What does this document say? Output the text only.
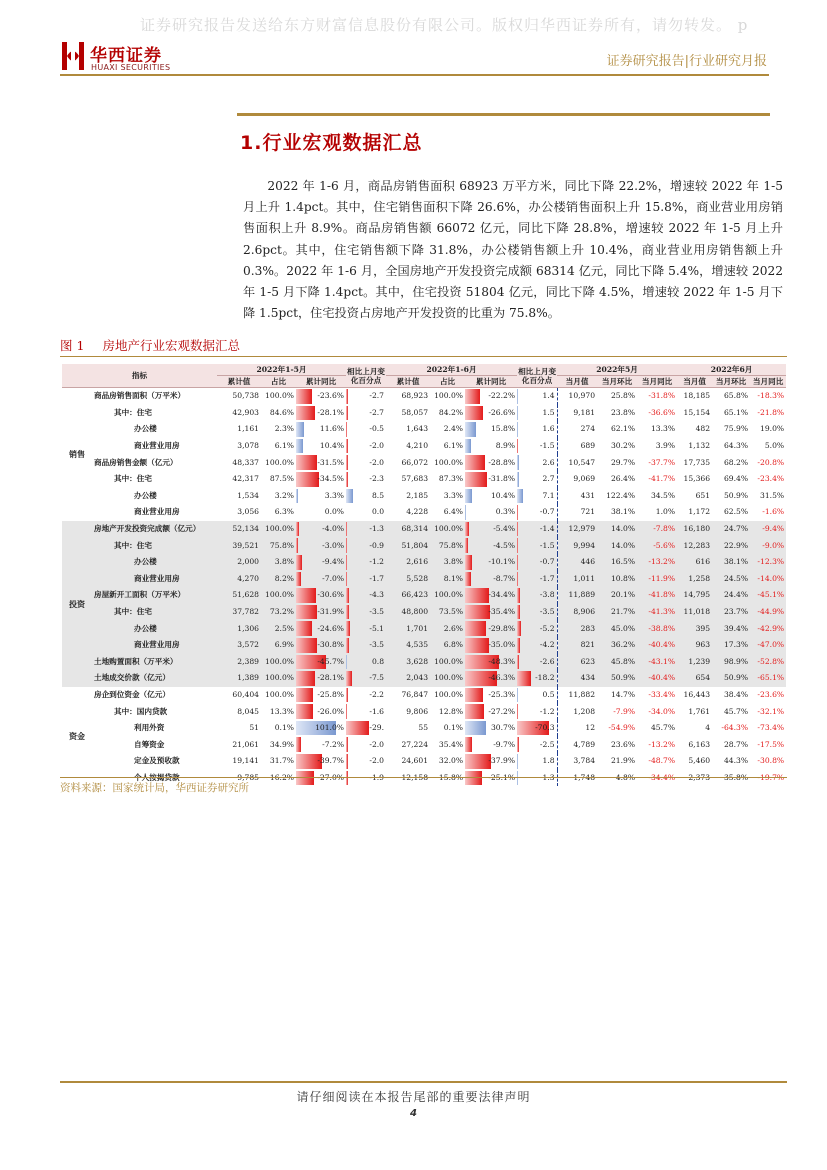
证券研究报告发送给东方财富信息股份有限公司。版权归华西证券所有，请勿转发。 p
华西证券
HUAXI SECURITIES	证券研究报告|行业研究月报
1.行业宏观数据汇总
2022 年 1-6 月，商品房销售面积 68923 万平方米，同比下降 22.2%，增速较 2022 年 1-5 月上升 1.4pct。其中，住宅销售面积下降 26.6%，办公楼销售面积上升 15.8%，商业营业用房销售面积上升 8.9%。商品房销售额 66072 亿元，同比下降 28.8%，增速较 2022 年 1-5 月上升 2.6pct。其中，住宅销售额下降 31.8%，办公楼销售额上升 10.4%，商业营业用房销售额上升 0.3%。2022 年 1-6 月，全国房地产开发投资完成额 68314 亿元，同比下降 5.4%，增速较 2022 年 1-5 月下降 1.4pct。其中，住宅投资 51804 亿元，同比下降 4.5%，增速较 2022 年 1-5 月下降 1.5pct，住宅投资占房地产开发投资的比重为 75.8%。
图 1 房地产行业宏观数据汇总
指标		2022年1-5月			相比上月变化百分点	2022年1-6月			相比上月变化百分点	2022年5月			2022年6月		
		累计值	占比	累计同比		累计值	占比	累计同比		当月值	当月环比	当月同比	当月值	当月环比	当月同比
销售	商品房销售面积（万平米）	50,738	100.0%	-23.6%	-2.7	68,923	100.0%	-22.2%	1.4	10,970	25.8%	-31.8%	18,185	65.8%	-18.3%
	其中：住宅	42,903	84.6%	-28.1%	-2.7	58,057	84.2%	-26.6%	1.5	9,181	23.8%	-36.6%	15,154	65.1%	-21.8%
	办公楼	1,161	2.3%	11.6%	-0.5	1,643	2.4%	15.8%	1.6	274	62.1%	13.3%	482	75.9%	19.0%
	商业营业用房	3,078	6.1%	10.4%	-2.0	4,210	6.1%	8.9%	-1.5	689	30.2%	3.9%	1,132	64.3%	5.0%
	商品房销售金额（亿元）	48,337	100.0%	-31.5%	-2.0	66,072	100.0%	-28.8%	2.6	10,547	29.7%	-37.7%	17,735	68.2%	-20.8%
	其中：住宅	42,317	87.5%	-34.5%	-2.3	57,683	87.3%	-31.8%	2.7	9,069	26.4%	-41.7%	15,366	69.4%	-23.4%
	办公楼	1,534	3.2%	3.3%	8.5	2,185	3.3%	10.4%	7.1	431	122.4%	34.5%	651	50.9%	31.5%
	商业营业用房	3,056	6.3%	0.0%	0.0	4,228	6.4%	0.3%	-0.7	721	38.1%	1.0%	1,172	62.5%	-1.6%
投资	房地产开发投资完成额（亿元）	52,134	100.0%	-4.0%	-1.3	68,314	100.0%	-5.4%	-1.4	12,979	14.0%	-7.8%	16,180	24.7%	-9.4%
	其中：住宅	39,521	75.8%	-3.0%	-0.9	51,804	75.8%	-4.5%	-1.5	9,994	14.0%	-5.6%	12,283	22.9%	-9.0%
	办公楼	2,000	3.8%	-9.4%	-1.2	2,616	3.8%	-10.1%	-0.7	446	16.5%	-13.2%	616	38.1%	-12.3%
	商业营业用房	4,270	8.2%	-7.0%	-1.7	5,528	8.1%	-8.7%	-1.7	1,011	10.8%	-11.9%	1,258	24.5%	-14.0%
	房屋新开工面积（万平米）	51,628	100.0%	-30.6%	-4.3	66,423	100.0%	-34.4%	-3.8	11,889	20.1%	-41.8%	14,795	24.4%	-45.1%
	其中：住宅	37,782	73.2%	-31.9%	-3.5	48,800	73.5%	-35.4%	-3.5	8,906	21.7%	-41.3%	11,018	23.7%	-44.9%
	办公楼	1,306	2.5%	-24.6%	-5.1	1,701	2.6%	-29.8%	-5.2	283	45.0%	-38.8%	395	39.4%	-42.9%
	商业营业用房	3,572	6.9%	-30.8%	-3.5	4,535	6.8%	-35.0%	-4.2	821	36.2%	-40.4%	963	17.3%	-47.0%
	土地购置面积（万平米）	2,389	100.0%	-45.7%	0.8	3,628	100.0%	-48.3%	-2.6	623	45.8%	-43.1%	1,239	98.9%	-52.8%
	土地成交价款（亿元）	1,389	100.0%	-28.1%	-7.5	2,043	100.0%	-46.3%	-18.2	434	50.9%	-40.4%	654	50.9%	-65.1%
资金	房企到位资金（亿元）	60,404	100.0%	-25.8%	-2.2	76,847	100.0%	-25.3%	0.5	11,882	14.7%	-33.4%	16,443	38.4%	-23.6%
	其中：国内贷款	8,045	13.3%	-26.0%	-1.6	9,806	12.8%	-27.2%	-1.2	1,208	-7.9%	-34.0%	1,761	45.7%	-32.1%
	利用外资	51	0.1%	101.0%	-29.	55	0.1%	30.7%	-70.3	12	-54.9%	45.7%	4	-64.3%	-73.4%
	自筹资金	21,061	34.9%	-7.2%	-2.0	27,224	35.4%	-9.7%	-2.5	4,789	23.6%	-13.2%	6,163	28.7%	-17.5%
	定金及预收款	19,141	31.7%	-39.7%	-2.0	24,601	32.0%	-37.9%	1.8	3,784	21.9%	-48.7%	5,460	44.3%	-30.8%
	个人按揭贷款	9,785	16.2%	-27.0%	-1.9	12,158	15.8%	-25.1%	1.3	1,748	4.8%	-34.4%	2,373	35.8%	-19.7%
资料来源：国家统计局，华西证券研究所
请仔细阅读在本报告尾部的重要法律声明
4
